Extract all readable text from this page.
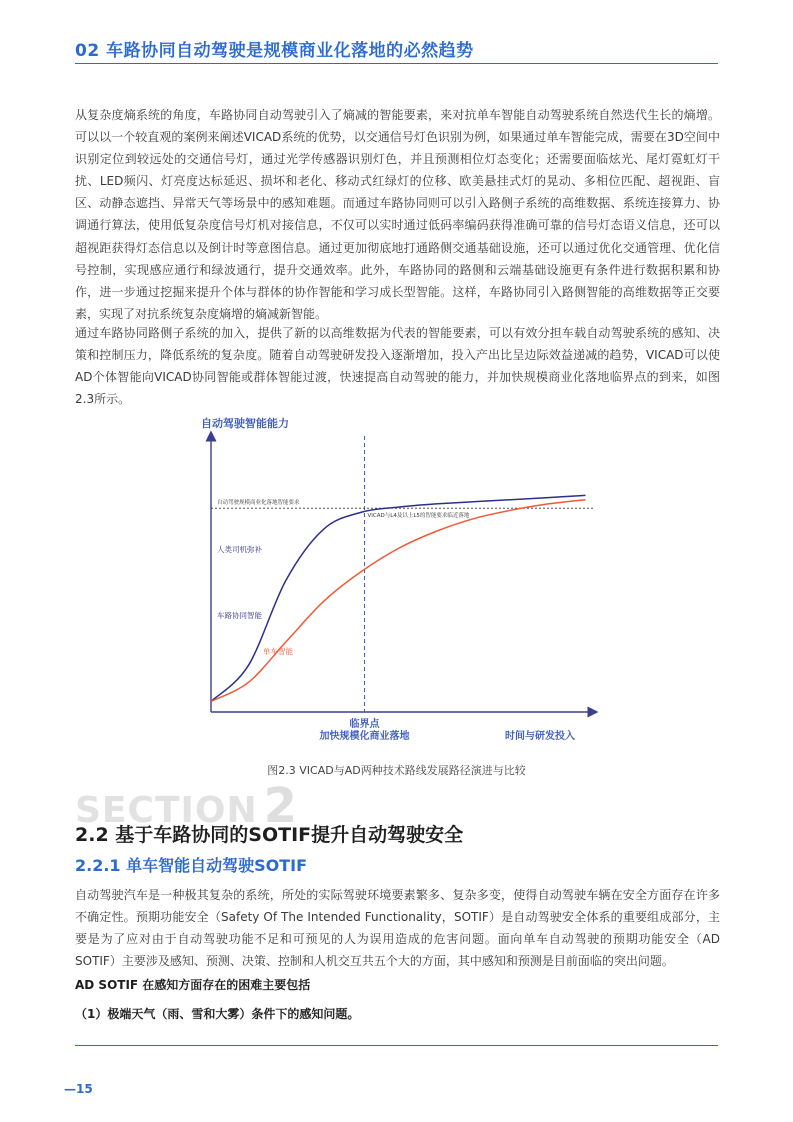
02 车路协同自动驾驶是规模商业化落地的必然趋势

从复杂度熵系统的角度，车路协同自动驾驶引入了熵减的智能要素，来对抗单车智能自动驾驶系统自然迭代生长的熵增。可以以一个较直观的案例来阐述VICAD系统的优势，以交通信号灯色识别为例，如果通过单车智能完成，需要在3D空间中识别定位到较远处的交通信号灯，通过光学传感器识别灯色，并且预测相位灯态变化；还需要面临炫光、尾灯霓虹灯干扰、LED频闪、灯亮度达标延迟、损坏和老化、移动式红绿灯的位移、欧美悬挂式灯的晃动、多相位匹配、超视距、盲区、动静态遮挡、异常天气等场景中的感知难题。而通过车路协同则可以引入路侧子系统的高维数据、系统连接算力、协调通行算法，使用低复杂度信号灯机对接信息，不仅可以实时通过低码率编码获得准确可靠的信号灯态语义信息，还可以超视距获得灯态信息以及倒计时等意图信息。通过更加彻底地打通路侧交通基础设施，还可以通过优化交通管理、优化信号控制，实现感应通行和绿波通行，提升交通效率。此外，车路协同的路侧和云端基础设施更有条件进行数据积累和协作，进一步通过挖掘来提升个体与群体的协作智能和学习成长型智能。这样，车路协同引入路侧智能的高维数据等正交要素，实现了对抗系统复杂度熵增的熵减新智能。

通过车路协同路侧子系统的加入，提供了新的以高维数据为代表的智能要素，可以有效分担车载自动驾驶系统的感知、决策和控制压力，降低系统的复杂度。随着自动驾驶研发投入逐渐增加，投入产出比呈边际效益递减的趋势，VICAD可以使AD个体智能向VICAD协同智能或群体智能过渡，快速提高自动驾驶的能力，并加快规模商业化落地临界点的到来，如图2.3所示。

自动驾驶智能能力
时间与研发投入
自动驾驶规模商业化落地智能要求
临界点
加快规模化商业落地
人类司机弥补
车路协同智能
单车智能
VICAD与L4及以上L5的智能要求临近落地
图2.3 VICAD与AD两种技术路线发展路径演进与比较
SECTION 2
2.2 基于车路协同的SOTIF提升自动驾驶安全
2.2.1 单车智能自动驾驶SOTIF

自动驾驶汽车是一种极其复杂的系统，所处的实际驾驶环境要素繁多、复杂多变，使得自动驾驶车辆在安全方面存在许多不确定性。预期功能安全（Safety Of The Intended Functionality，SOTIF）是自动驾驶安全体系的重要组成部分，主要是为了应对由于自动驾驶功能不足和可预见的人为误用造成的危害问题。面向单车自动驾驶的预期功能安全（AD SOTIF）主要涉及感知、预测、决策、控制和人机交互共五个大的方面，其中感知和预测是目前面临的突出问题。

AD SOTIF 在感知方面存在的困难主要包括
（1）极端天气（雨、雪和大雾）条件下的感知问题。
—15
